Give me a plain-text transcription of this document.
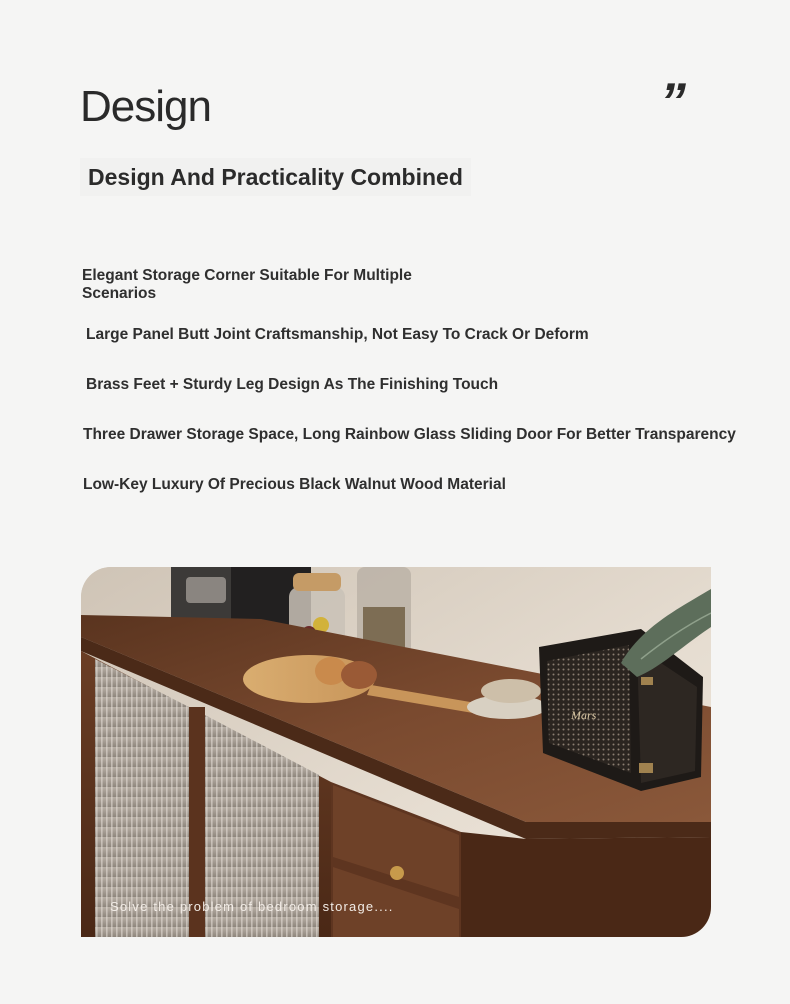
Design	”
Design And Practicality Combined
Elegant Storage Corner Suitable For Multiple Scenarios
Large Panel Butt Joint Craftsmanship, Not Easy To Crack Or Deform
Brass Feet + Sturdy Leg Design As The Finishing Touch
Three Drawer Storage Space, Long Rainbow Glass Sliding Door For Better Transparency
Low-Key Luxury Of Precious Black Walnut Wood Material
Mars
Solve the problem of bedroom storage....
